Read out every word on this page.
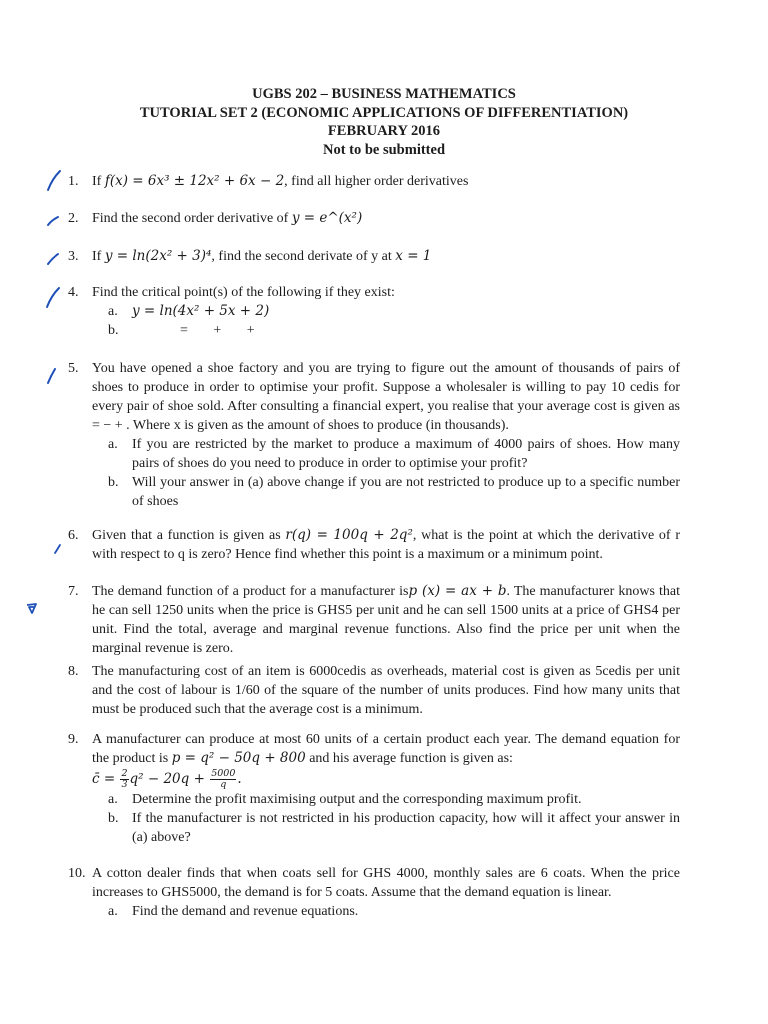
UGBS 202 – BUSINESS MATHEMATICS
TUTORIAL SET 2 (ECONOMIC APPLICATIONS OF DIFFERENTIATION)
FEBRUARY 2016
Not to be submitted
1. If f(x) = 6x³ ± 12x² + 6x − 2, find all higher order derivatives
2. Find the second order derivative of y = e^(x²)
3. If y = ln(2x² + 3)⁴, find the second derivate of y at x = 1
4. Find the critical point(s) of the following if they exist:
a. y = ln(4x² + 5x + 2)
b.	= + +
5. You have opened a shoe factory and you are trying to figure out the amount of thousands of pairs of shoes to produce in order to optimise your profit. Suppose a wholesaler is willing to pay 10 cedis for every pair of shoe sold. After consulting a financial expert, you realise that your average cost is given as = − + . Where x is given as the amount of shoes to produce (in thousands).
a. If you are restricted by the market to produce a maximum of 4000 pairs of shoes. How many pairs of shoes do you need to produce in order to optimise your profit?
b. Will your answer in (a) above change if you are not restricted to produce up to a specific number of shoes
6. Given that a function is given as r(q) = 100q + 2q², what is the point at which the derivative of r with respect to q is zero? Hence find whether this point is a maximum or a minimum point.
7. The demand function of a product for a manufacturer isp (x) = ax + b. The manufacturer knows that he can sell 1250 units when the price is GHS5 per unit and he can sell 1500 units at a price of GHS4 per unit. Find the total, average and marginal revenue functions. Also find the price per unit when the marginal revenue is zero.
8. The manufacturing cost of an item is 6000cedis as overheads, material cost is given as 5cedis per unit and the cost of labour is 1/60 of the square of the number of units produces. Find how many units that must be produced such that the average cost is a minimum.
9. A manufacturer can produce at most 60 units of a certain product each year. The demand equation for the product is p = q² − 50q + 800 and his average function is given as:
c̄ = $\frac{2}{3} q^2 - 20q + \frac{5000}{q}$ .
a. Determine the profit maximising output and the corresponding maximum profit.
b. If the manufacturer is not restricted in his production capacity, how will it affect your answer in (a) above?
10. A cotton dealer finds that when coats sell for GHS 4000, monthly sales are 6 coats. When the price increases to GHS5000, the demand is for 5 coats. Assume that the demand equation is linear.
a. Find the demand and revenue equations.
